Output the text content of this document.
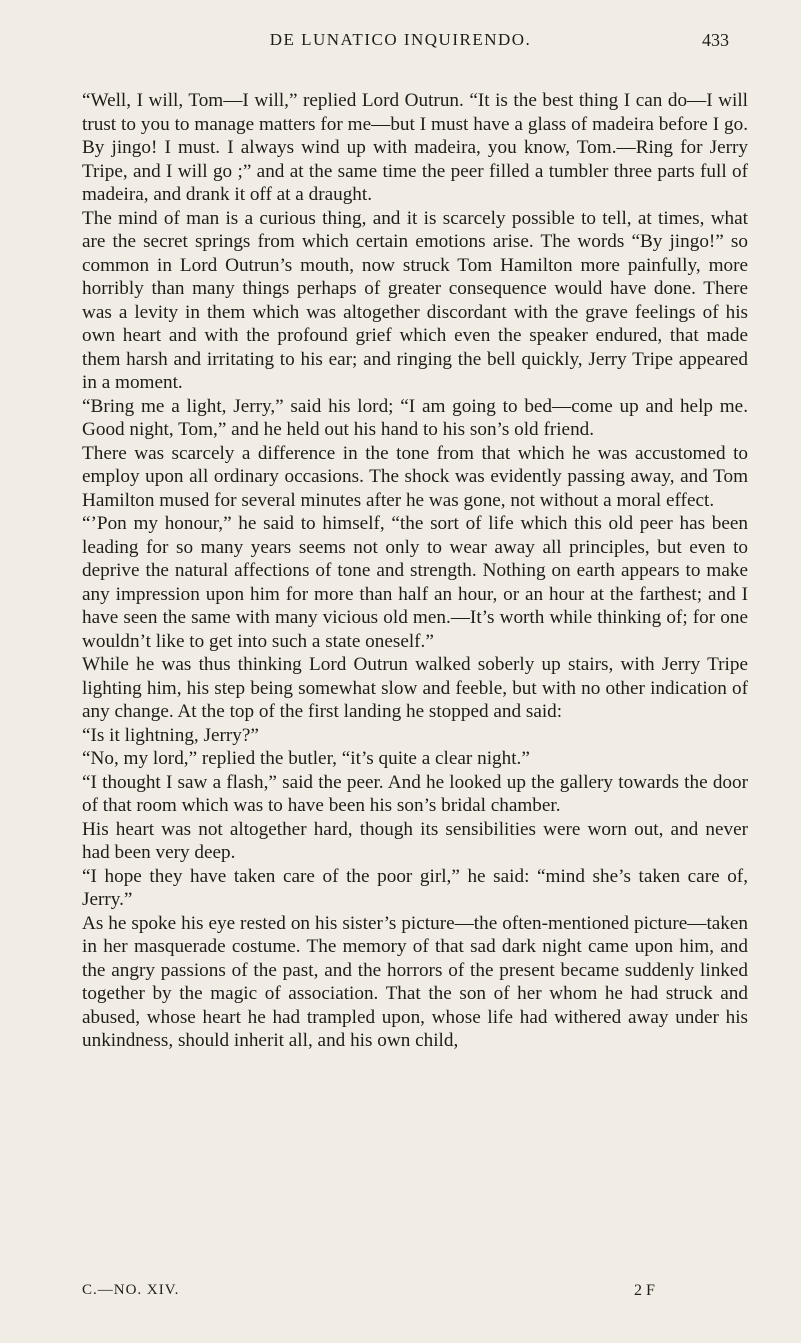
DE LUNATICO INQUIRENDO.	433

“Well, I will, Tom—I will,” replied Lord Outrun. “It is the best thing I can do—I will trust to you to manage matters for me—but I must have a glass of madeira before I go. By jingo! I must. I always wind up with madeira, you know, Tom.—Ring for Jerry Tripe, and I will go ;” and at the same time the peer filled a tumbler three parts full of madeira, and drank it off at a draught.

The mind of man is a curious thing, and it is scarcely possible to tell, at times, what are the secret springs from which certain emotions arise. The words “By jingo!” so common in Lord Outrun’s mouth, now struck Tom Hamilton more painfully, more horribly than many things perhaps of greater consequence would have done. There was a levity in them which was altogether discordant with the grave feelings of his own heart and with the profound grief which even the speaker endured, that made them harsh and irritating to his ear; and ringing the bell quickly, Jerry Tripe appeared in a moment.

“Bring me a light, Jerry,” said his lord; “I am going to bed—come up and help me. Good night, Tom,” and he held out his hand to his son’s old friend.

There was scarcely a difference in the tone from that which he was accustomed to employ upon all ordinary occasions. The shock was evidently passing away, and Tom Hamilton mused for several minutes after he was gone, not without a moral effect.

“’Pon my honour,” he said to himself, “the sort of life which this old peer has been leading for so many years seems not only to wear away all principles, but even to deprive the natural affections of tone and strength. Nothing on earth appears to make any impression upon him for more than half an hour, or an hour at the farthest; and I have seen the same with many vicious old men.—It’s worth while thinking of; for one wouldn’t like to get into such a state oneself.”

While he was thus thinking Lord Outrun walked soberly up stairs, with Jerry Tripe lighting him, his step being somewhat slow and feeble, but with no other indication of any change. At the top of the first landing he stopped and said:

“Is it lightning, Jerry?”

“No, my lord,” replied the butler, “it’s quite a clear night.”

“I thought I saw a flash,” said the peer. And he looked up the gallery towards the door of that room which was to have been his son’s bridal chamber.

His heart was not altogether hard, though its sensibilities were worn out, and never had been very deep.

“I hope they have taken care of the poor girl,” he said: “mind she’s taken care of, Jerry.”

As he spoke his eye rested on his sister’s picture—the often-mentioned picture—taken in her masquerade costume. The memory of that sad dark night came upon him, and the angry passions of the past, and the horrors of the present became suddenly linked together by the magic of association. That the son of her whom he had struck and abused, whose heart he had trampled upon, whose life had withered away under his unkindness, should inherit all, and his own child,

C.—NO. XIV.	2 F
